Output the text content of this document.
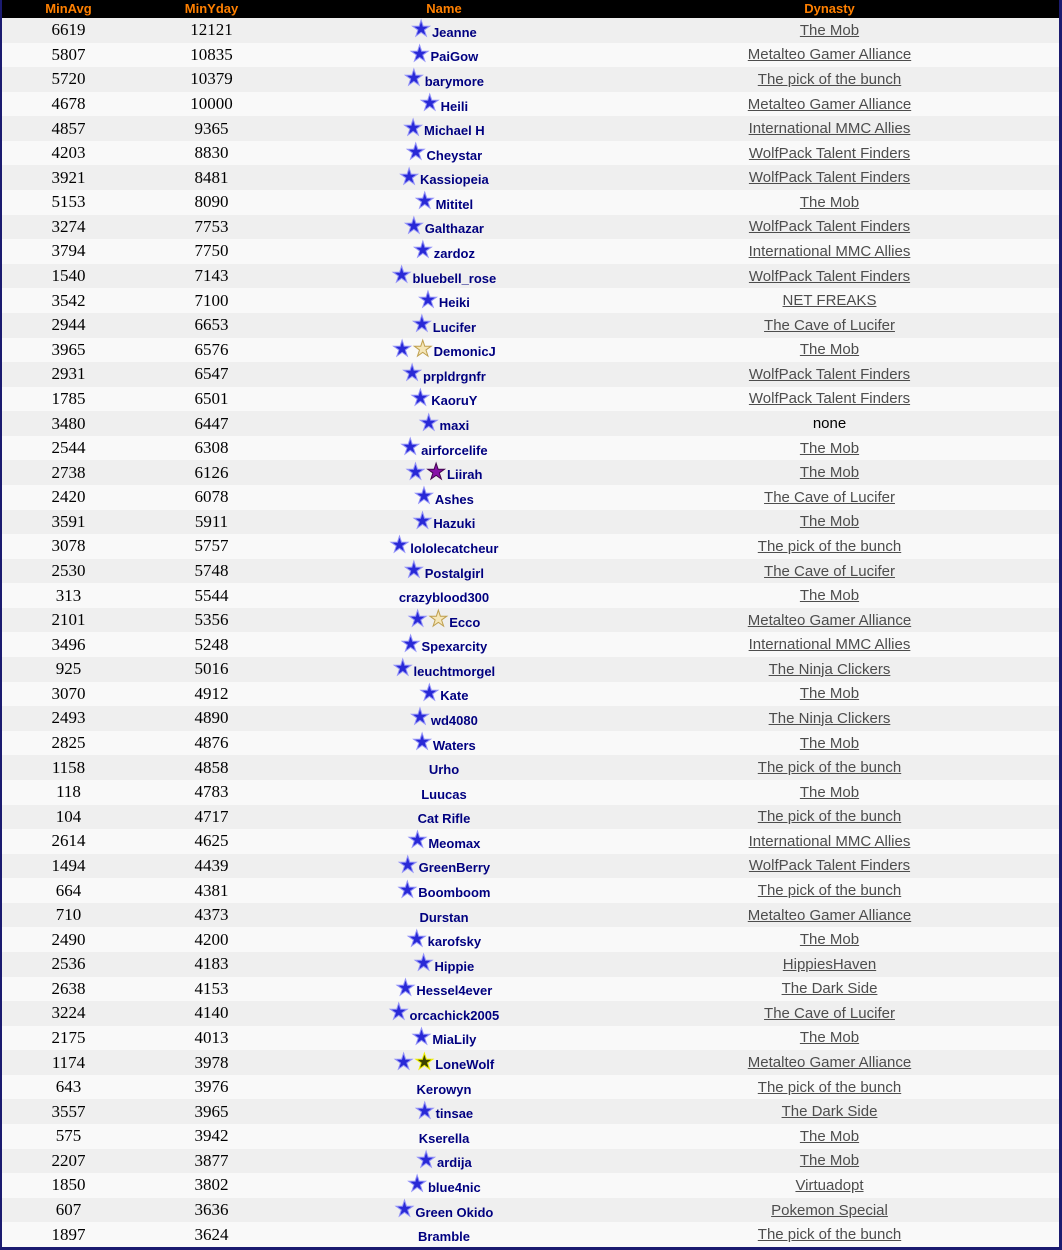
MinAvg	MinYday	Name	Dynasty
6619	12121	★ Jeanne	The Mob
5807	10835	★ PaiGow	Metalteo Gamer Alliance
5720	10379	★ barymore	The pick of the bunch
4678	10000	★ Heili	Metalteo Gamer Alliance
4857	9365	★ Michael H	International MMC Allies
4203	8830	★ Cheystar	WolfPack Talent Finders
3921	8481	★ Kassiopeia	WolfPack Talent Finders
5153	8090	★ Mititel	The Mob
3274	7753	★ Galthazar	WolfPack Talent Finders
3794	7750	★ zardoz	International MMC Allies
1540	7143	★ bluebell_rose	WolfPack Talent Finders
3542	7100	★ Heiki	NET FREAKS
2944	6653	★ Lucifer	The Cave of Lucifer
3965	6576	★★ DemonicJ	The Mob
2931	6547	★ prpldrgnfr	WolfPack Talent Finders
1785	6501	★ KaoruY	WolfPack Talent Finders
3480	6447	★ maxi	none
2544	6308	★ airforcelife	The Mob
2738	6126	★★ Liirah	The Mob
2420	6078	★ Ashes	The Cave of Lucifer
3591	5911	★ Hazuki	The Mob
3078	5757	★ lololecatcheur	The pick of the bunch
2530	5748	★ Postalgirl	The Cave of Lucifer
313	5544	crazyblood300	The Mob
2101	5356	★★ Ecco	Metalteo Gamer Alliance
3496	5248	★ Spexarcity	International MMC Allies
925	5016	★ leuchtmorgel	The Ninja Clickers
3070	4912	★ Kate	The Mob
2493	4890	★ wd4080	The Ninja Clickers
2825	4876	★ Waters	The Mob
1158	4858	Urho	The pick of the bunch
118	4783	Luucas	The Mob
104	4717	Cat Rifle	The pick of the bunch
2614	4625	★ Meomax	International MMC Allies
1494	4439	★ GreenBerry	WolfPack Talent Finders
664	4381	★ Boomboom	The pick of the bunch
710	4373	Durstan	Metalteo Gamer Alliance
2490	4200	★ karofsky	The Mob
2536	4183	★ Hippie	HippiesHaven
2638	4153	★ Hessel4ever	The Dark Side
3224	4140	★ orcachick2005	The Cave of Lucifer
2175	4013	★ MiaLily	The Mob
1174	3978	★★ LoneWolf	Metalteo Gamer Alliance
643	3976	Kerowyn	The pick of the bunch
3557	3965	★ tinsae	The Dark Side
575	3942	Kserella	The Mob
2207	3877	★ ardija	The Mob
1850	3802	★ blue4nic	Virtuadopt
607	3636	★ Green Okido	Pokemon Special
1897	3624	Bramble	The pick of the bunch
